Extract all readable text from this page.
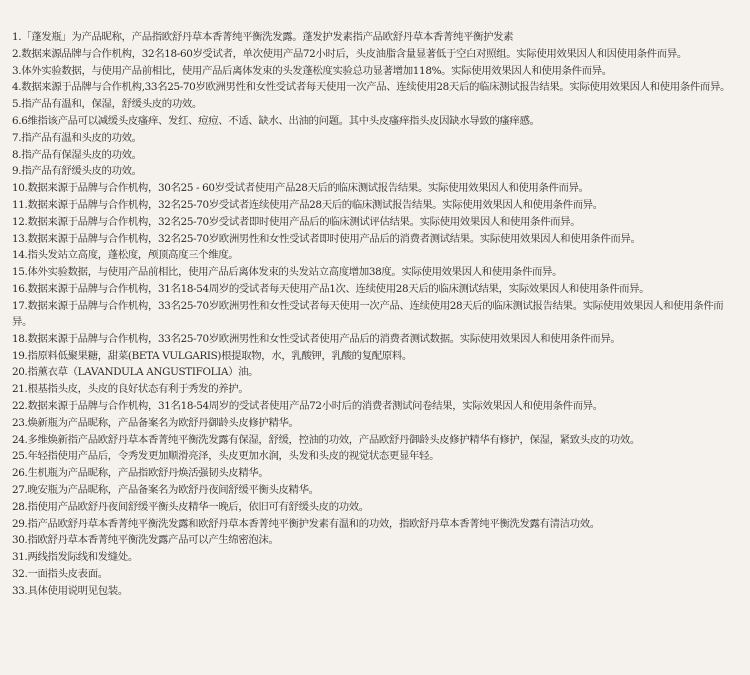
1.「蓬发瓶」为产品昵称，产品指欧舒丹草本香菁纯平衡洗发露。蓬发护发素指产品欧舒丹草本香菁纯平衡护发素

2.数据来源品牌与合作机构，32名18-60岁受试者，单次使用产品72小时后，头皮油脂含量显著低于空白对照组。实际使用效果因人和因使用条件而异。

3.体外实验数据，与使用产品前相比，使用产品后离体发束的头发蓬松度实验总功显著增加118%。实际使用效果因人和使用条件而异。

4.数据来源于品牌与合作机构,33名25-70岁欧洲男性和女性受试者每天使用一次产品、连续使用28天后的临床测试报告结果。实际使用效果因人和使用条件而异。

5.指产品有温和，保湿，舒缓头皮的功效。

6.6维指该产品可以减缓头皮瘙痒、发红、痘痘、不适、缺水、出油的问题。其中头皮瘙痒指头皮因缺水导致的瘙痒感。

7.指产品有温和头皮的功效。

8.指产品有保湿头皮的功效。

9.指产品有舒缓头皮的功效。

10.数据来源于品牌与合作机构，30名25 - 60岁受试者使用产品28天后的临床测试报告结果。实际使用效果因人和使用条件而异。

11.数据来源于品牌与合作机构，32名25-70岁受试者连续使用产品28天后的临床测试报告结果。实际使用效果因人和使用条件而异。

12.数据来源于品牌与合作机构，32名25-70岁受试者即时使用产品后的临床测试评估结果。实际使用效果因人和使用条件而异。

13.数据来源于品牌与合作机构，32名25-70岁欧洲男性和女性受试者即时使用产品后的消费者测试结果。实际使用效果因人和使用条件而异。

14.指头发站立高度，蓬松度，颅顶高度三个维度。

15.体外实验数据，与使用产品前相比，使用产品后离体发束的头发站立高度增加38度。实际使用效果因人和使用条件而异。

16.数据来源于品牌与合作机构，31名18-54周岁的受试者每天使用产品1次、连续使用28天后的临床测试结果，实际效果因人和使用条件而异。

17.数据来源于品牌与合作机构，33名25-70岁欧洲男性和女性受试者每天使用一次产品、连续使用28天后的临床测试报告结果。实际使用效果因人和使用条件而异。

18.数据来源于品牌与合作机构，33名25-70岁欧洲男性和女性受试者使用产品后的消费者测试数据。实际使用效果因人和使用条件而异。

19.指原料低聚果糖，甜菜(BETA VULGARIS)根提取物，水，乳酸钾，乳酸的复配原料。

20.指薰衣草（LAVANDULA ANGUSTIFOLIA）油。

21.根基指头皮，头皮的良好状态有利于秀发的养护。

22.数据来源于品牌与合作机构，31名18-54周岁的受试者使用产品72小时后的消费者测试问卷结果，实际效果因人和使用条件而异。

23.焕新瓶为产品昵称，产品备案名为欧舒丹御龄头皮修护精华。

24.多维焕新指产品欧舒丹草本香菁纯平衡洗发露有保湿，舒缓，控油的功效，产品欧舒丹御龄头皮修护精华有修护，保湿，紧致头皮的功效。

25.年轻指使用产品后，令秀发更加顺滑亮泽，头皮更加水润，头发和头皮的视觉状态更显年轻。

26.生机瓶为产品昵称，产品指欧舒丹焕活强韧头皮精华。

27.晚安瓶为产品昵称，产品备案名为欧舒丹夜间舒缓平衡头皮精华。

28.指使用产品欧舒丹夜间舒缓平衡头皮精华一晚后，依旧可有舒缓头皮的功效。

29.指产品欧舒丹草本香菁纯平衡洗发露和欧舒丹草本香菁纯平衡护发素有温和的功效，指欧舒丹草本香菁纯平衡洗发露有清洁功效。

30.指欧舒丹草本香菁纯平衡洗发露产品可以产生绵密泡沫。

31.两线指发际线和发缝处。

32.一面指头皮表面。

33.具体使用说明见包装。
